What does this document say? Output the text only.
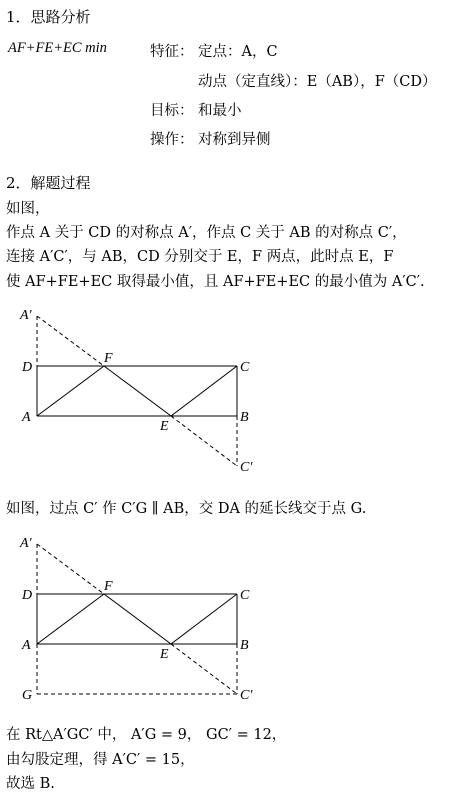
1．思路分析
AF+FE+EC min	特征： 定点：A，C
动点（定直线）：E（AB），F（CD）
目标： 和最小
操作： 对称到异侧
2．解题过程
如图，
作点 A 关于 CD 的对称点 A′，作点 C 关于 AB 的对称点 C′，
连接 A′C′，与 AB，CD 分别交于 E，F 两点，此时点 E，F
使 AF+FE+EC 取得最小值，且 AF+FE+EC 的最小值为 A′C′.
A′
D
F
C
A
E
B
C′
如图，过点 C′ 作 C′G ∥ AB，交 DA 的延长线交于点 G.
A′
D
F
C
A
E
B
G	C′
在 Rt△A′GC′ 中， A′G = 9， GC′ = 12，
由勾股定理，得 A′C′ = 15，
故选 B.
